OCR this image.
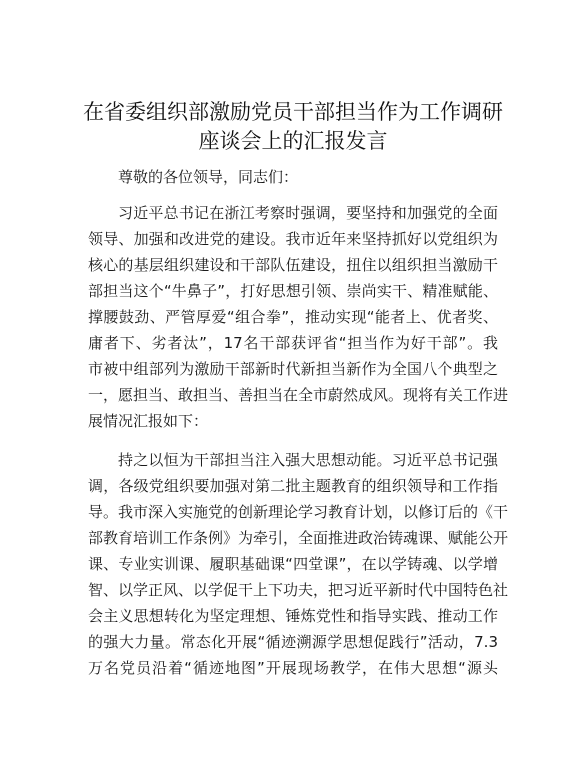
在省委组织部激励党员干部担当作为工作调研
座谈会上的汇报发言
尊敬的各位领导，同志们：
习近平总书记在浙江考察时强调，要坚持和加强党的全面
领导、加强和改进党的建设。我市近年来坚持抓好以党组织为
核心的基层组织建设和干部队伍建设，扭住以组织担当激励干
部担当这个“牛鼻子”，打好思想引领、崇尚实干、精准赋能、
撑腰鼓劲、严管厚爱“组合拳”，推动实现“能者上、优者奖、
庸者下、劣者汰”，17名干部获评省“担当作为好干部”。我
市被中组部列为激励干部新时代新担当新作为全国八个典型之
一，愿担当、敢担当、善担当在全市蔚然成风。现将有关工作进
展情况汇报如下：
持之以恒为干部担当注入强大思想动能。习近平总书记强
调，各级党组织要加强对第二批主题教育的组织领导和工作指
导。我市深入实施党的创新理论学习教育计划，以修订后的《干
部教育培训工作条例》为牵引，全面推进政治铸魂课、赋能公开
课、专业实训课、履职基础课“四堂课”，在以学铸魂、以学增
智、以学正风、以学促干上下功夫，把习近平新时代中国特色社
会主义思想转化为坚定理想、锤炼党性和指导实践、推动工作
的强大力量。常态化开展“循迹溯源学思想促践行”活动，7.3
万名党员沿着“循迹地图”开展现场教学，在伟大思想“源头
